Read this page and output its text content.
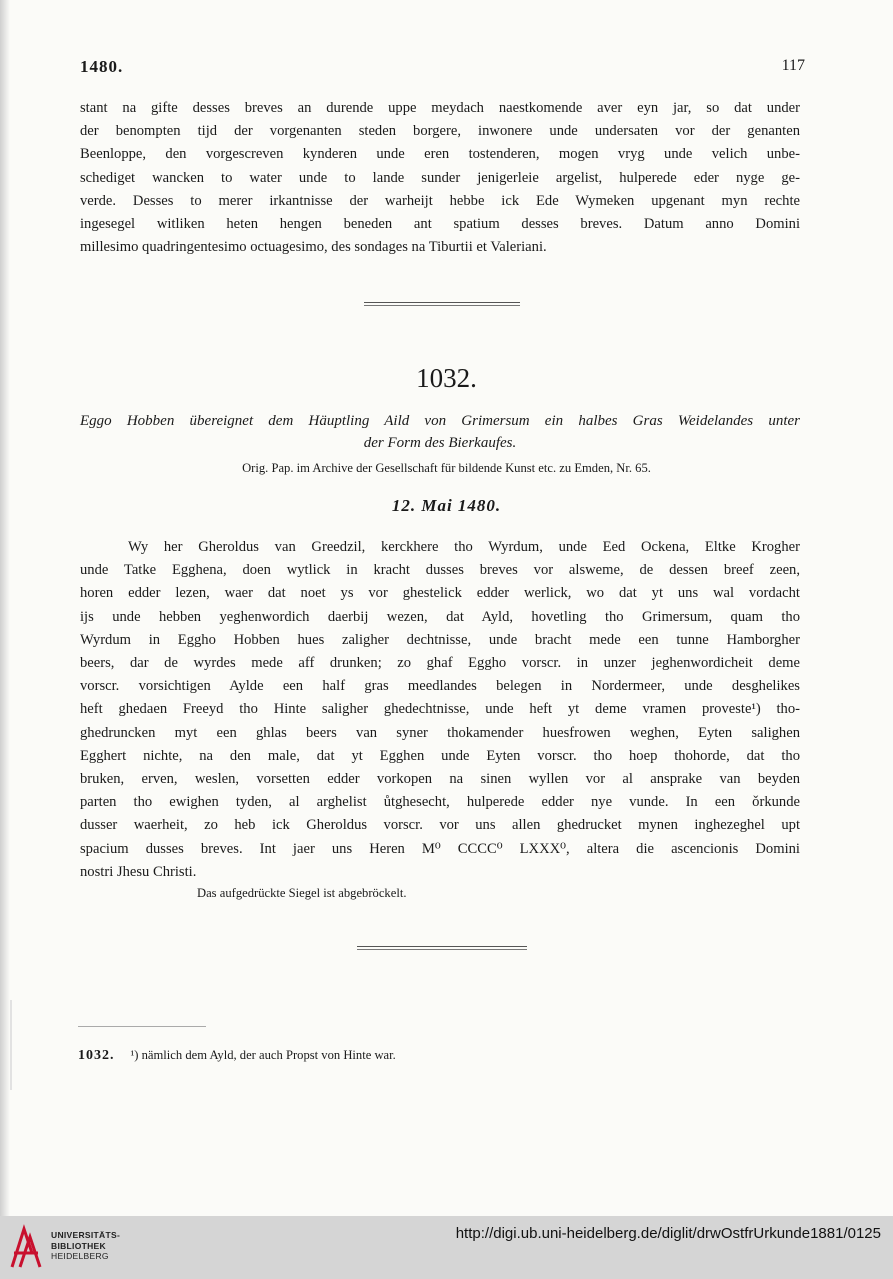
1480.	117
stant na gifte desses breves an durende uppe meydach naestkomende aver eyn jar, so dat under
der benompten tijd der vorgenanten steden borgere, inwonere unde undersaten vor der genanten
Beenloppe, den vorgescreven kynderen unde eren tostenderen, mogen vryg unde velich unbe-
schediget wancken to water unde to lande sunder jenigerleie argelist, hulperede eder nyge ge-
verde. Desses to merer irkantnisse der warheijt hebbe ick Ede Wymeken upgenant myn rechte
ingesegel witliken heten hengen beneden ant spatium desses breves. Datum anno Domini
millesimo quadringentesimo octuagesimo, des sondages na Tiburtii et Valeriani.
1032.
Eggo Hobben übereignet dem Häuptling Aild von Grimersum ein halbes Gras Weidelandes unter
der Form des Bierkaufes.
Orig. Pap. im Archive der Gesellschaft für bildende Kunst etc. zu Emden, Nr. 65.
12. Mai 1480.
Wy her Gheroldus van Greedzil, kerckhere tho Wyrdum, unde Eed Ockena, Eltke Krogher
unde Tatke Egghena, doen wytlick in kracht dusses breves vor alsweme, de dessen breef zeen,
horen edder lezen, waer dat noet ys vor ghestelick edder werlick, wo dat yt uns wal vordacht
ijs unde hebben yeghenwordich daerbij wezen, dat Ayld, hovetling tho Grimersum, quam tho
Wyrdum in Eggho Hobben hues zaligher dechtnisse, unde bracht mede een tunne Hamborgher
beers, dar de wyrdes mede aff drunken; zo ghaf Eggho vorscr. in unzer jeghenwordicheit deme
vorscr. vorsichtigen Aylde een half gras meedlandes belegen in Nordermeer, unde desghelikes
heft ghedaen Freeyd tho Hinte saligher ghedechtnisse, unde heft yt deme vramen proveste¹) tho-
ghedruncken myt een ghlas beers van syner thokamender huesfrowen weghen, Eyten salighen
Egghert nichte, na den male, dat yt Egghen unde Eyten vorscr. tho hoep thohorde, dat tho
bruken, erven, weslen, vorsetten edder vorkopen na sinen wyllen vor al ansprake van beyden
parten tho ewighen tyden, al arghelist ůtghesecht, hulperede edder nye vunde. In een ǒrkunde
dusser waerheit, zo heb ick Gheroldus vorscr. vor uns allen ghedrucket mynen inghezeghel upt
spacium dusses breves. Int jaer uns Heren M⁰ CCCC⁰ LXXX⁰, altera die ascencionis Domini
nostri Jhesu Christi.
Das aufgedrückte Siegel ist abgebröckelt.
1032. ¹) nämlich dem Ayld, der auch Propst von Hinte war.
UNIVERSITÄTS-
BIBLIOTHEK
HEIDELBERG
http://digi.ub.uni-heidelberg.de/diglit/drwOstfrUrkunde1881/0125
